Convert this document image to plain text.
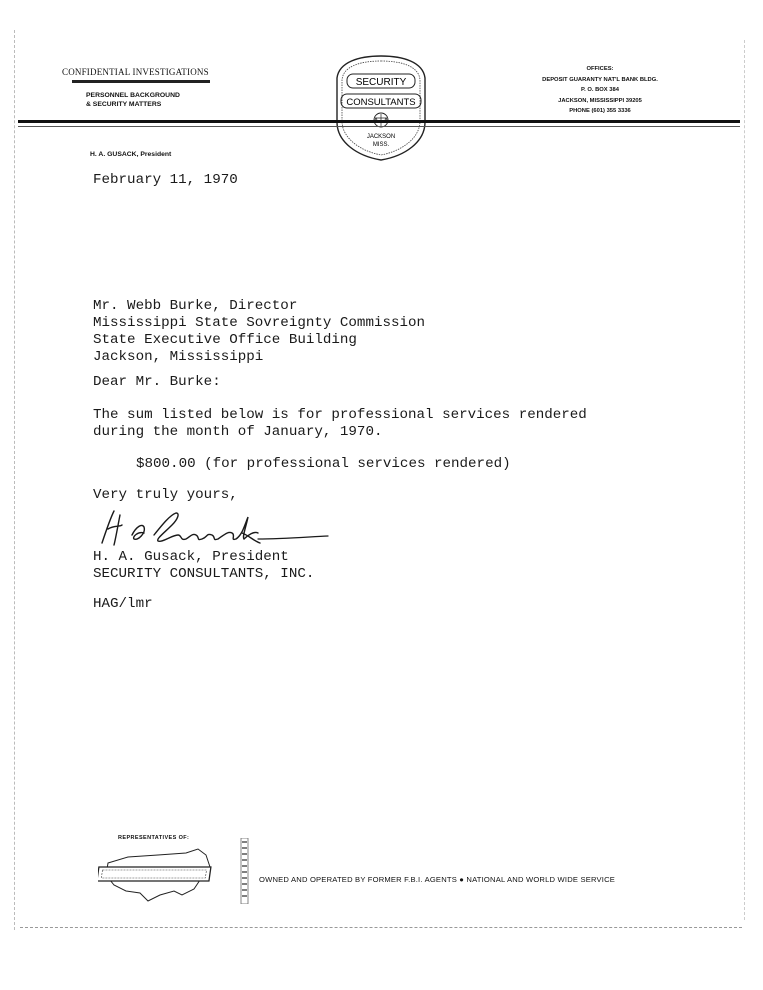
CONFIDENTIAL INVESTIGATIONS
PERSONNEL BACKGROUND
& SECURITY MATTERS
SECURITY
CONSULTANTS
JACKSON
MISS.
OFFICES:
DEPOSIT GUARANTY NAT'L BANK BLDG.
P. O. BOX 384
JACKSON, MISSISSIPPI 39205
PHONE (601) 355 3336
H. A. GUSACK, President
February 11, 1970
Mr. Webb Burke, Director
Mississippi State Sovreignty Commission
State Executive Office Building
Jackson, Mississippi
Dear Mr. Burke:
The sum listed below is for professional services rendered
during the month of January, 1970.
$800.00 (for professional services rendered)
Very truly yours,
H. A. Gusack, President
SECURITY CONSULTANTS, INC.
HAG/lmr
REPRESENTATIVES OF:
OWNED AND OPERATED BY FORMER F.B.I. AGENTS ● NATIONAL AND WORLD WIDE SERVICE
